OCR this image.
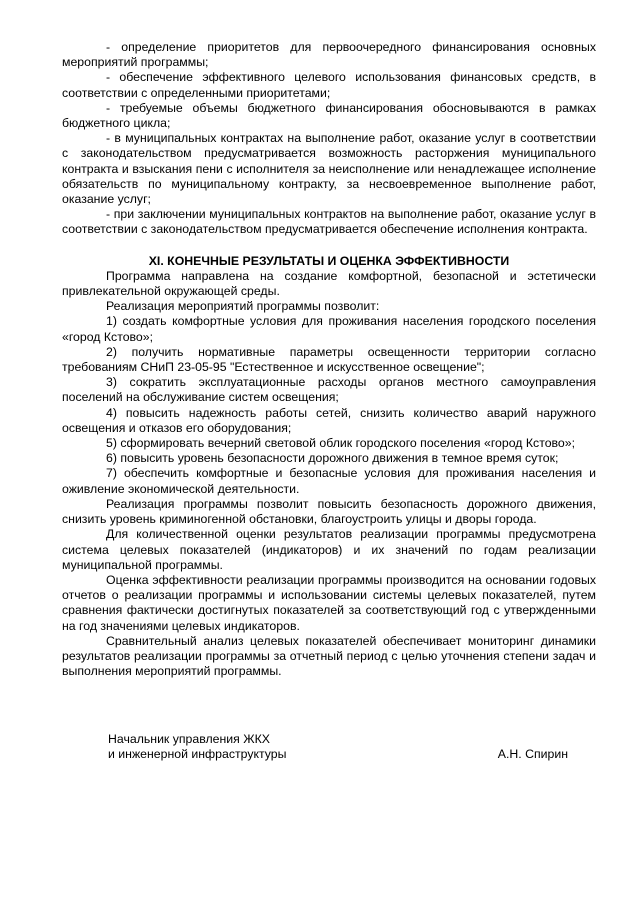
- определение приоритетов для первоочередного финансирования основных мероприятий программы;

- обеспечение эффективного целевого использования финансовых средств, в соответствии с определенными приоритетами;

- требуемые объемы бюджетного финансирования обосновываются в рамках бюджетного цикла;

- в муниципальных контрактах на выполнение работ, оказание услуг в соответствии с законодательством предусматривается возможность расторжения муниципального контракта и взыскания пени с исполнителя за неисполнение или ненадлежащее исполнение обязательств по муниципальному контракту, за несвоевременное выполнение работ, оказание услуг;

- при заключении муниципальных контрактов на выполнение работ, оказание услуг в соответствии с законодательством предусматривается обеспечение исполнения контракта.

XI. КОНЕЧНЫЕ РЕЗУЛЬТАТЫ И ОЦЕНКА ЭФФЕКТИВНОСТИ

Программа направлена на создание комфортной, безопасной и эстетически привлекательной окружающей среды.

Реализация мероприятий программы позволит:

1) создать комфортные условия для проживания населения городского поселения «город Кстово»;

2) получить нормативные параметры освещенности территории согласно требованиям СНиП 23-05-95 "Естественное и искусственное освещение";

3) сократить эксплуатационные расходы органов местного самоуправления поселений на обслуживание систем освещения;

4) повысить надежность работы сетей, снизить количество аварий наружного освещения и отказов его оборудования;

5) сформировать вечерний световой облик городского поселения «город Кстово»;

6) повысить уровень безопасности дорожного движения в темное время суток;

7) обеспечить комфортные и безопасные условия для проживания населения и оживление экономической деятельности.

Реализация программы позволит повысить безопасность дорожного движения, снизить уровень криминогенной обстановки, благоустроить улицы и дворы города.

Для количественной оценки результатов реализации программы предусмотрена система целевых показателей (индикаторов) и их значений по годам реализации муниципальной программы.

Оценка эффективности реализации программы производится на основании годовых отчетов о реализации программы и использовании системы целевых показателей, путем сравнения фактически достигнутых показателей за соответствующий год с утвержденными на год значениями целевых индикаторов.

Сравнительный анализ целевых показателей обеспечивает мониторинг динамики результатов реализации программы за отчетный период с целью уточнения степени задач и выполнения мероприятий программы.

Начальник управления ЖКХ
и инженерной инфраструктуры	А.Н. Спирин
